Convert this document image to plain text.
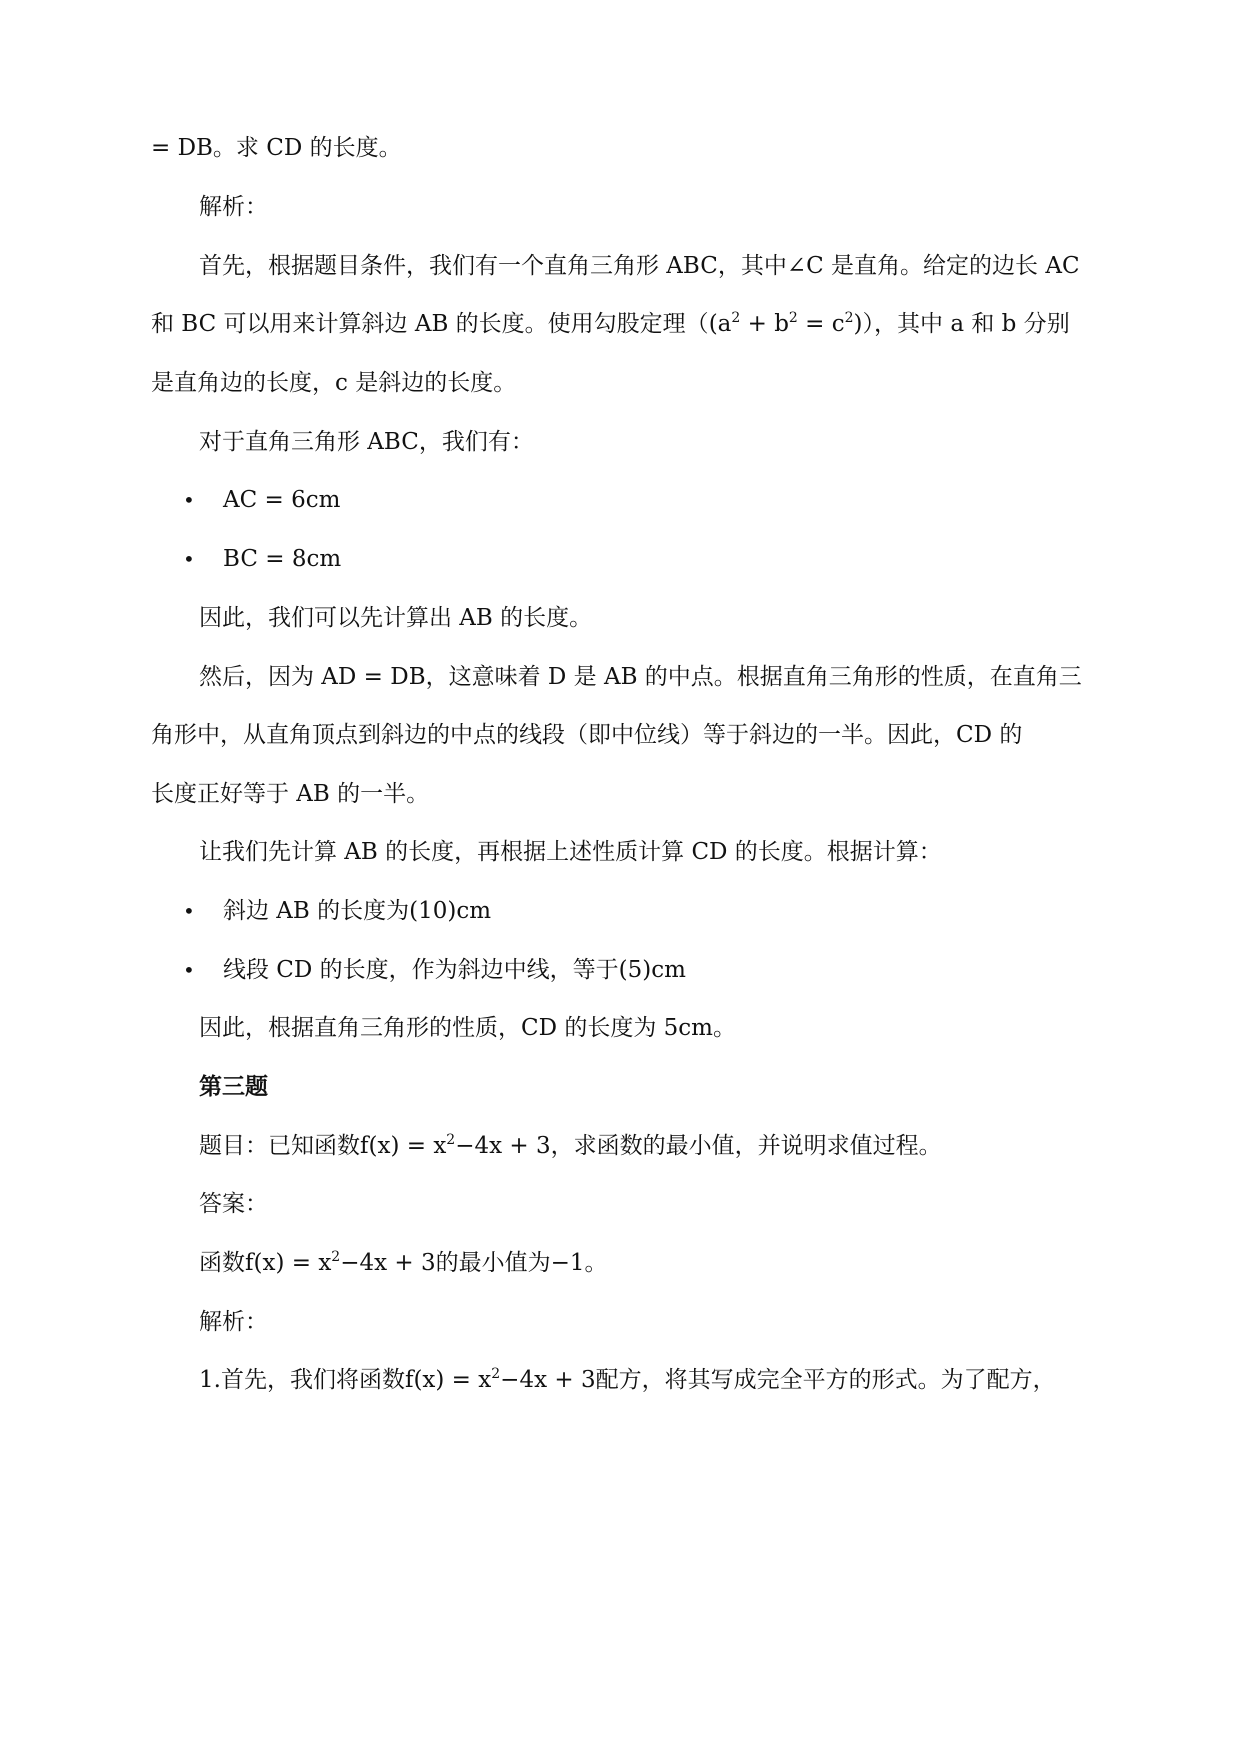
= DB。求 CD 的长度。
解析：
首先，根据题目条件，我们有一个直角三角形 ABC，其中∠C 是直角。给定的边长 AC
和 BC 可以用来计算斜边 AB 的长度。使用勾股定理$((a^2 + b^2 = c^2))$，其中 a 和 b 分别
是直角边的长度，c 是斜边的长度。
对于直角三角形 ABC，我们有：
• AC = 6cm
• BC = 8cm
因此，我们可以先计算出 AB 的长度。
然后，因为 AD = DB，这意味着 D 是 AB 的中点。根据直角三角形的性质，在直角三
角形中，从直角顶点到斜边的中点的线段（即中位线）等于斜边的一半。因此，CD 的
长度正好等于 AB 的一半。
让我们先计算 AB 的长度，再根据上述性质计算 CD 的长度。根据计算：
• 斜边 AB 的长度为(10)cm
• 线段 CD 的长度，作为斜边中线，等于(5)cm
因此，根据直角三角形的性质，CD 的长度为 5cm。
第三题
题目：已知函数$f(x) = x^2-4x + 3$，求函数的最小值，并说明求值过程。
答案：
函数$f(x) = x^2-4x + 3$的最小值为−1。
解析：
1.首先，我们将函数$f(x) = x^2-4x + 3$配方，将其写成完全平方的形式。为了配方，
